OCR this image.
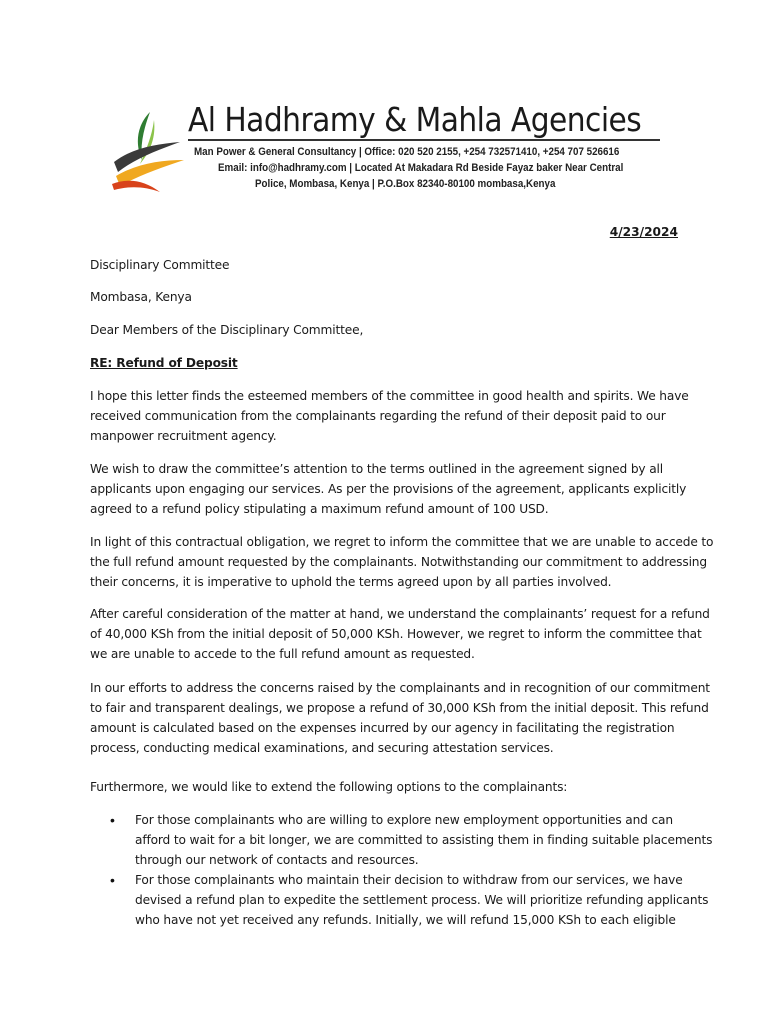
Al Hadhramy & Mahla Agencies
Man Power & General Consultancy | Office: 020 520 2155, +254 732571410, +254 707 526616
Email: info@hadhramy.com | Located At Makadara Rd Beside Fayaz baker Near Central
Police, Mombasa, Kenya | P.O.Box 82340-80100 mombasa,Kenya
4/23/2024
Disciplinary Committee
Mombasa, Kenya
Dear Members of the Disciplinary Committee,
RE: Refund of Deposit
I hope this letter finds the esteemed members of the committee in good health and spirits. We have
received communication from the complainants regarding the refund of their deposit paid to our
manpower recruitment agency.
We wish to draw the committee’s attention to the terms outlined in the agreement signed by all
applicants upon engaging our services. As per the provisions of the agreement, applicants explicitly
agreed to a refund policy stipulating a maximum refund amount of 100 USD.
In light of this contractual obligation, we regret to inform the committee that we are unable to accede to
the full refund amount requested by the complainants. Notwithstanding our commitment to addressing
their concerns, it is imperative to uphold the terms agreed upon by all parties involved.
After careful consideration of the matter at hand, we understand the complainants’ request for a refund
of 40,000 KSh from the initial deposit of 50,000 KSh. However, we regret to inform the committee that
we are unable to accede to the full refund amount as requested.
In our efforts to address the concerns raised by the complainants and in recognition of our commitment
to fair and transparent dealings, we propose a refund of 30,000 KSh from the initial deposit. This refund
amount is calculated based on the expenses incurred by our agency in facilitating the registration
process, conducting medical examinations, and securing attestation services.
Furthermore, we would like to extend the following options to the complainants:
• For those complainants who are willing to explore new employment opportunities and can
afford to wait for a bit longer, we are committed to assisting them in finding suitable placements
through our network of contacts and resources.
• For those complainants who maintain their decision to withdraw from our services, we have
devised a refund plan to expedite the settlement process. We will prioritize refunding applicants
who have not yet received any refunds. Initially, we will refund 15,000 KSh to each eligible
